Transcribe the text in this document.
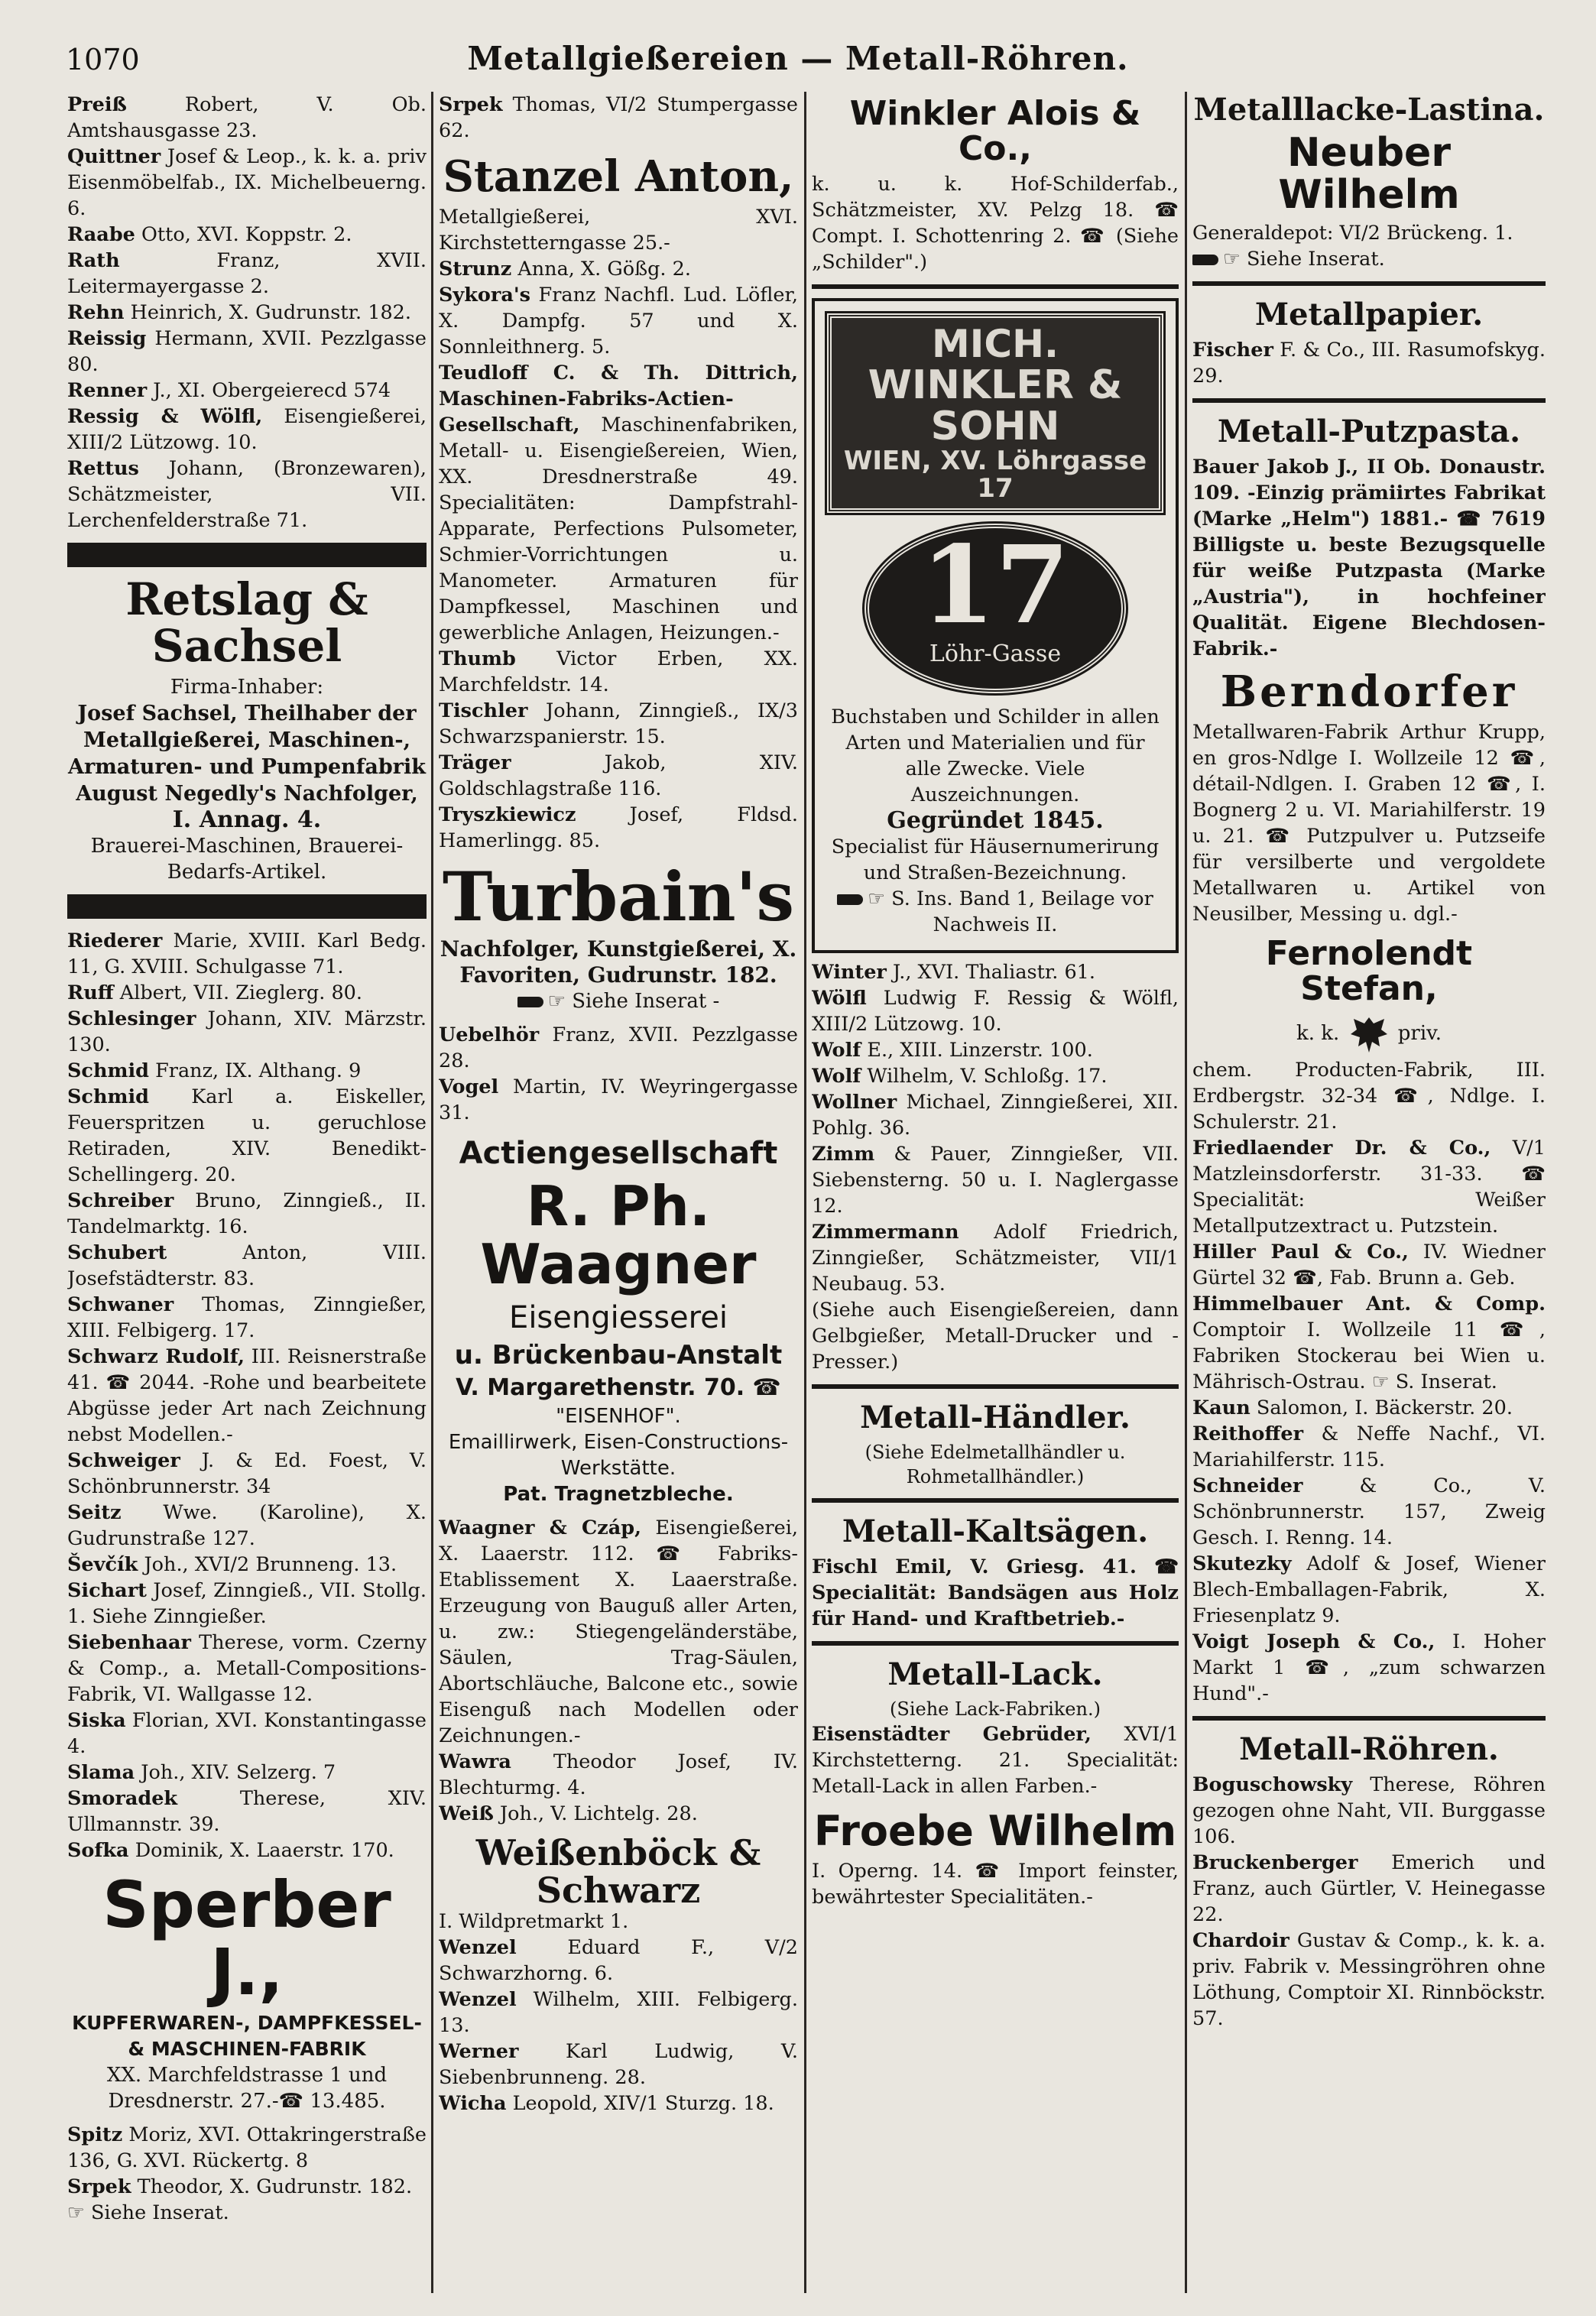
1070	Metallgießereien — Metall-Röhren.

Preiß Robert, V. Ob. Amtshausgasse 23.

Quittner Josef & Leop., k. k. a. priv Eisenmöbelfab., IX. Michelbeuerng. 6.

Raabe Otto, XVI. Koppstr. 2.

Rath Franz, XVII. Leitermayergasse 2.

Rehn Heinrich, X. Gudrunstr. 182.

Reissig Hermann, XVII. Pezzlgasse 80.

Renner J., XI. Obergeierecd 574

Ressig & Wölfl, Eisengießerei, XIII/2 Lützowg. 10.

Rettus Johann, (Bronzewaren), Schätzmeister, VII. Lerchenfelderstraße 71.

Retslag & Sachsel
Firma-Inhaber:
Josef Sachsel, Theilhaber der Metallgießerei, Maschinen-, Armaturen- und Pumpenfabrik August Negedly's Nachfolger,
I. Annag. 4.
Brauerei-Maschinen, Brauerei-Bedarfs-Artikel.

Riederer Marie, XVIII. Karl Bedg. 11, G. XVIII. Schulgasse 71.

Ruff Albert, VII. Zieglerg. 80.

Schlesinger Johann, XIV. Märzstr. 130.

Schmid Franz, IX. Althang. 9

Schmid Karl a. Eiskeller, Feuerspritzen u. geruchlose Retiraden, XIV. Benedikt-Schellingerg. 20.

Schreiber Bruno, Zinngieß., II. Tandelmarktg. 16.

Schubert Anton, VIII. Josefstädterstr. 83.

Schwaner Thomas, Zinngießer, XIII. Felbigerg. 17.

Schwarz Rudolf, III. Reisnerstraße 41. ☎ 2044. -Rohe und bearbeitete Abgüsse jeder Art nach Zeichnung nebst Modellen.-

Schweiger J. & Ed. Foest, V. Schönbrunnerstr. 34

Seitz Wwe. (Karoline), X. Gudrunstraße 127.

Ševčík Joh., XVI/2 Brunneng. 13.

Sichart Josef, Zinngieß., VII. Stollg. 1. Siehe Zinngießer.

Siebenhaar Therese, vorm. Czerny & Comp., a. Metall-Compositions-Fabrik, VI. Wallgasse 12.

Siska Florian, XVI. Konstantingasse 4.

Slama Joh., XIV. Selzerg. 7

Smoradek Therese, XIV. Ullmannstr. 39.

Sofka Dominik, X. Laaerstr. 170.

Sperber J.,
KUPFERWAREN-, DAMPFKESSEL- & MASCHINEN-FABRIK
XX. Marchfeldstrasse 1 und Dresdnerstr. 27.-☎ 13.485.

Spitz Moriz, XVI. Ottakringerstraße 136, G. XVI. Rückertg. 8

Srpek Theodor, X. Gudrunstr. 182.

☞ Siehe Inserat.

Srpek Thomas, VI/2 Stumpergasse 62.

Stanzel Anton,

Metallgießerei, XVI. Kirchstetterngasse 25.-

Strunz Anna, X. Gößg. 2.

Sykora's Franz Nachfl. Lud. Löfler, X. Dampfg. 57 und X. Sonnleithnerg. 5.

Teudloff C. & Th. Dittrich, Maschinen-Fabriks-Actien-Gesellschaft, Maschinenfabriken, Metall- u. Eisengießereien, Wien, XX. Dresdnerstraße 49. Specialitäten: Dampfstrahl-Apparate, Perfections Pulsometer, Schmier-Vorrichtungen u. Manometer. Armaturen für Dampfkessel, Maschinen und gewerbliche Anlagen, Heizungen.-

Thumb Victor Erben, XX. Marchfeldstr. 14.

Tischler Johann, Zinngieß., IX/3 Schwarzspanierstr. 15.

Träger Jakob, XIV. Goldschlagstraße 116.

Tryszkiewicz Josef, Fldsd. Hamerlingg. 85.

Turbain's
Nachfolger, Kunstgießerei, X. Favoriten, Gudrunstr. 182.
☞ Siehe Inserat -

Uebelhör Franz, XVII. Pezzlgasse 28.

Vogel Martin, IV. Weyringergasse 31.

Actiengesellschaft
R. Ph. Waagner
Eisengiesserei
u. Brückenbau-Anstalt
V. Margarethenstr. 70. ☎
"EISENHOF".
Emaillirwerk, Eisen-Constructions-Werkstätte.
Pat. Tragnetzbleche.

Waagner & Czáp, Eisengießerei, X. Laaerstr. 112. ☎ Fabriks-Etablissement X. Laaerstraße. Erzeugung von Bauguß aller Arten, u. zw.: Stiegengeländerstäbe, Säulen, Trag-Säulen, Abortschläuche, Balcone etc., sowie Eisenguß nach Modellen oder Zeichnungen.-

Wawra Theodor Josef, IV. Blechturmg. 4.

Weiß Joh., V. Lichtelg. 28.

Weißenböck & Schwarz
I. Wildpretmarkt 1.

Wenzel Eduard F., V/2 Schwarzhorng. 6.

Wenzel Wilhelm, XIII. Felbigerg. 13.

Werner Karl Ludwig, V. Siebenbrunneng. 28.

Wicha Leopold, XIV/1 Sturzg. 18.

Winkler Alois & Co.,
k. u. k. Hof-Schilderfab., Schätzmeister, XV. Pelzg 18. ☎ Compt. I. Schottenring 2. ☎ (Siehe „Schilder".)
MICH.
WINKLER & SOHN
WIEN, XV. Löhrgasse 17
17
Löhr-Gasse
Buchstaben und Schilder in allen Arten und Materialien und für alle Zwecke. Viele Auszeichnungen.
Gegründet 1845.
Specialist für Häusernumerirung und Straßen-Bezeichnung.
☞ S. Ins. Band 1, Beilage vor Nachweis II.

Winter J., XVI. Thaliastr. 61.

Wölfl Ludwig F. Ressig & Wölfl, XIII/2 Lützowg. 10.

Wolf E., XIII. Linzerstr. 100.

Wolf Wilhelm, V. Schloßg. 17.

Wollner Michael, Zinngießerei, XII. Pohlg. 36.

Zimm & Pauer, Zinngießer, VII. Siebensterng. 50 u. I. Naglergasse 12.

Zimmermann Adolf Friedrich, Zinngießer, Schätzmeister, VII/1 Neubaug. 53.

(Siehe auch Eisengießereien, dann Gelbgießer, Metall-Drucker und -Presser.)

Metall-Händler.
(Siehe Edelmetallhändler u. Rohmetallhändler.)
Metall-Kaltsägen.

Fischl Emil, V. Griesg. 41. ☎ Specialität: Bandsägen aus Holz für Hand- und Kraftbetrieb.-

Metall-Lack.
(Siehe Lack-Fabriken.)

Eisenstädter Gebrüder, XVI/1 Kirchstetterng. 21. Specialität: Metall-Lack in allen Farben.-

Froebe Wilhelm
I. Operng. 14. ☎ Import feinster, bewährtester Specialitäten.-
Metalllacke-Lastina.
Neuber Wilhelm
Generaldepot: VI/2 Brückeng. 1.
☞ Siehe Inserat.
Metallpapier.

Fischer F. & Co., III. Rasumofskyg. 29.

Metall-Putzpasta.

Bauer Jakob J., II Ob. Donaustr. 109. -Einzig prämiirtes Fabrikat (Marke „Helm") 1881.- ☎ 7619 Billigste u. beste Bezugsquelle für weiße Putzpasta (Marke „Austria"), in hochfeiner Qualität. Eigene Blechdosen-Fabrik.-

Berndorfer
Metallwaren-Fabrik Arthur Krupp, en gros-Ndlge I. Wollzeile 12 ☎, détail-Ndlgen. I. Graben 12 ☎, I. Bognerg 2 u. VI. Mariahilferstr. 19 u. 21. ☎ Putzpulver u. Putzseife für versilberte und vergoldete Metallwaren u. Artikel von Neusilber, Messing u. dgl.-
Fernolendt Stefan,
k. k.	priv.
chem. Producten-Fabrik, III. Erdbergstr. 32-34 ☎, Ndlge. I. Schulerstr. 21.

Friedlaender Dr. & Co., V/1 Matzleinsdorferstr. 31-33. ☎ Specialität: Weißer Metallputzextract u. Putzstein.

Hiller Paul & Co., IV. Wiedner Gürtel 32 ☎, Fab. Brunn a. Geb.

Himmelbauer Ant. & Comp. Comptoir I. Wollzeile 11 ☎, Fabriken Stockerau bei Wien u. Mährisch-Ostrau. ☞ S. Inserat.

Kaun Salomon, I. Bäckerstr. 20.

Reithoffer & Neffe Nachf., VI. Mariahilferstr. 115.

Schneider & Co., V. Schönbrunnerstr. 157, Zweig Gesch. I. Renng. 14.

Skutezky Adolf & Josef, Wiener Blech-Emballagen-Fabrik, X. Friesenplatz 9.

Voigt Joseph & Co., I. Hoher Markt 1 ☎, „zum schwarzen Hund".-

Metall-Röhren.

Boguschowsky Therese, Röhren gezogen ohne Naht, VII. Burggasse 106.

Bruckenberger Emerich und Franz, auch Gürtler, V. Heinegasse 22.

Chardoir Gustav & Comp., k. k. a. priv. Fabrik v. Messingröhren ohne Löthung, Comptoir XI. Rinnböckstr. 57.
